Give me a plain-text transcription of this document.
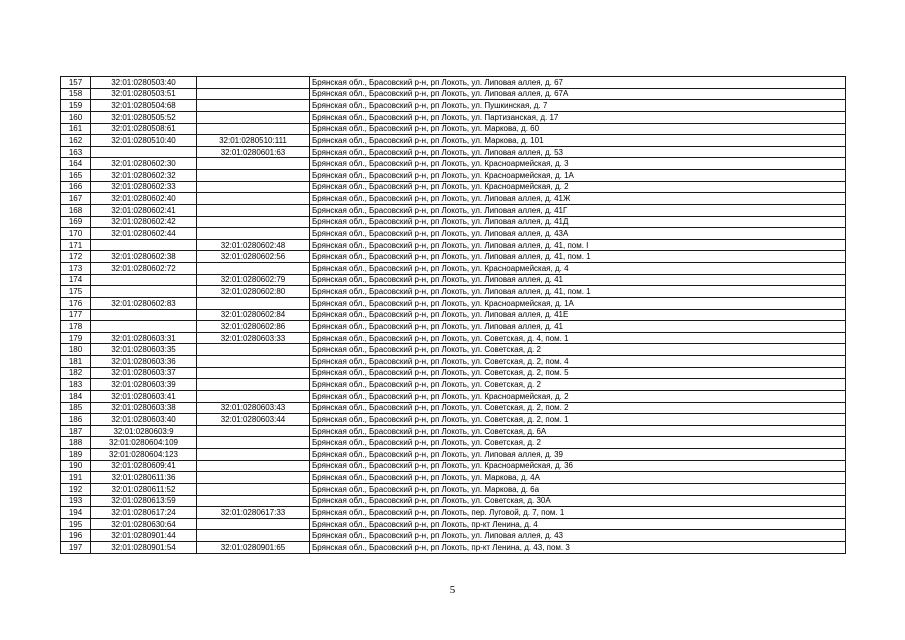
157	32:01:0280503:40		Брянская обл., Брасовский р-н, рп Локоть, ул. Липовая аллея, д. 67
158	32:01:0280503:51		Брянская обл., Брасовский р-н, рп Локоть, ул. Липовая аллея, д. 67А
159	32:01:0280504:68		Брянская обл., Брасовский р-н, рп Локоть, ул. Пушкинская, д. 7
160	32:01:0280505:52		Брянская обл., Брасовский р-н, рп Локоть, ул. Партизанская, д. 17
161	32:01:0280508:61		Брянская обл., Брасовский р-н, рп Локоть, ул. Маркова, д. 60
162	32:01:0280510:40	32:01:0280510:111	Брянская обл., Брасовский р-н, рп Локоть, ул. Маркова, д. 101
163		32:01:0280601:63	Брянская обл., Брасовский р-н, рп Локоть, ул. Липовая аллея, д. 53
164	32:01:0280602:30		Брянская обл., Брасовский р-н, рп Локоть, ул. Красноармейская, д. 3
165	32:01:0280602:32		Брянская обл., Брасовский р-н, рп Локоть, ул. Красноармейская, д. 1А
166	32:01:0280602:33		Брянская обл., Брасовский р-н, рп Локоть, ул. Красноармейская, д. 2
167	32:01:0280602:40		Брянская обл., Брасовский р-н, рп Локоть, ул. Липовая аллея, д. 41Ж
168	32:01:0280602:41		Брянская обл., Брасовский р-н, рп Локоть, ул. Липовая аллея, д. 41Г
169	32:01:0280602:42		Брянская обл., Брасовский р-н, рп Локоть, ул. Липовая аллея, д. 41Д
170	32:01:0280602:44		Брянская обл., Брасовский р-н, рп Локоть, ул. Липовая аллея, д. 43А
171		32:01:0280602:48	Брянская обл., Брасовский р-н, рп Локоть, ул. Липовая аллея, д. 41, пом. I
172	32:01:0280602:38	32:01:0280602:56	Брянская обл., Брасовский р-н, рп Локоть, ул. Липовая аллея, д. 41, пом. 1
173	32:01:0280602:72		Брянская обл., Брасовский р-н, рп Локоть, ул. Красноармейская, д. 4
174		32:01:0280602:79	Брянская обл., Брасовский р-н, рп Локоть, ул. Липовая аллея, д. 41
175		32:01:0280602:80	Брянская обл., Брасовский р-н, рп Локоть, ул. Липовая аллея, д. 41, пом. 1
176	32:01:0280602:83		Брянская обл., Брасовский р-н, рп Локоть, ул. Красноармейская, д. 1А
177		32:01:0280602:84	Брянская обл., Брасовский р-н, рп Локоть, ул. Липовая аллея, д. 41Е
178		32:01:0280602:86	Брянская обл., Брасовский р-н, рп Локоть, ул. Липовая аллея, д. 41
179	32:01:0280603:31	32:01:0280603:33	Брянская обл., Брасовский р-н, рп Локоть, ул. Советская, д. 4, пом. 1
180	32:01:0280603:35		Брянская обл., Брасовский р-н, рп Локоть, ул. Советская, д. 2
181	32:01:0280603:36		Брянская обл., Брасовский р-н, рп Локоть, ул. Советская, д. 2, пом. 4
182	32:01:0280603:37		Брянская обл., Брасовский р-н, рп Локоть, ул. Советская, д. 2, пом. 5
183	32:01:0280603:39		Брянская обл., Брасовский р-н, рп Локоть, ул. Советская, д. 2
184	32:01:0280603:41		Брянская обл., Брасовский р-н, рп Локоть, ул. Красноармейская, д. 2
185	32:01:0280603:38	32:01:0280603:43	Брянская обл., Брасовский р-н, рп Локоть, ул. Советская, д. 2, пом. 2
186	32:01:0280603:40	32:01:0280603:44	Брянская обл., Брасовский р-н, рп Локоть, ул. Советская, д. 2, пом. 1
187	32:01:0280603:9		Брянская обл., Брасовский р-н, рп Локоть, ул. Советская, д. 6А
188	32:01:0280604:109		Брянская обл., Брасовский р-н, рп Локоть, ул. Советская, д. 2
189	32:01:0280604:123		Брянская обл., Брасовский р-н, рп Локоть, ул. Липовая аллея, д. 39
190	32:01:0280609:41		Брянская обл., Брасовский р-н, рп Локоть, ул. Красноармейская, д. 36
191	32:01:0280611:36		Брянская обл., Брасовский р-н, рп Локоть, ул. Маркова, д. 4А
192	32:01:0280611:52		Брянская обл., Брасовский р-н, рп Локоть, ул. Маркова, д. 6а
193	32:01:0280613:59		Брянская обл., Брасовский р-н, рп Локоть, ул. Советская, д. 30А
194	32:01:0280617:24	32:01:0280617:33	Брянская обл., Брасовский р-н, рп Локоть, пер. Луговой, д. 7, пом. 1
195	32:01:0280630:64		Брянская обл., Брасовский р-н, рп Локоть, пр-кт Ленина, д. 4
196	32:01:0280901:44		Брянская обл., Брасовский р-н, рп Локоть, ул. Липовая аллея, д. 43
197	32:01:0280901:54	32:01:0280901:65	Брянская обл., Брасовский р-н, рп Локоть, пр-кт Ленина, д. 43, пом. 3
5
